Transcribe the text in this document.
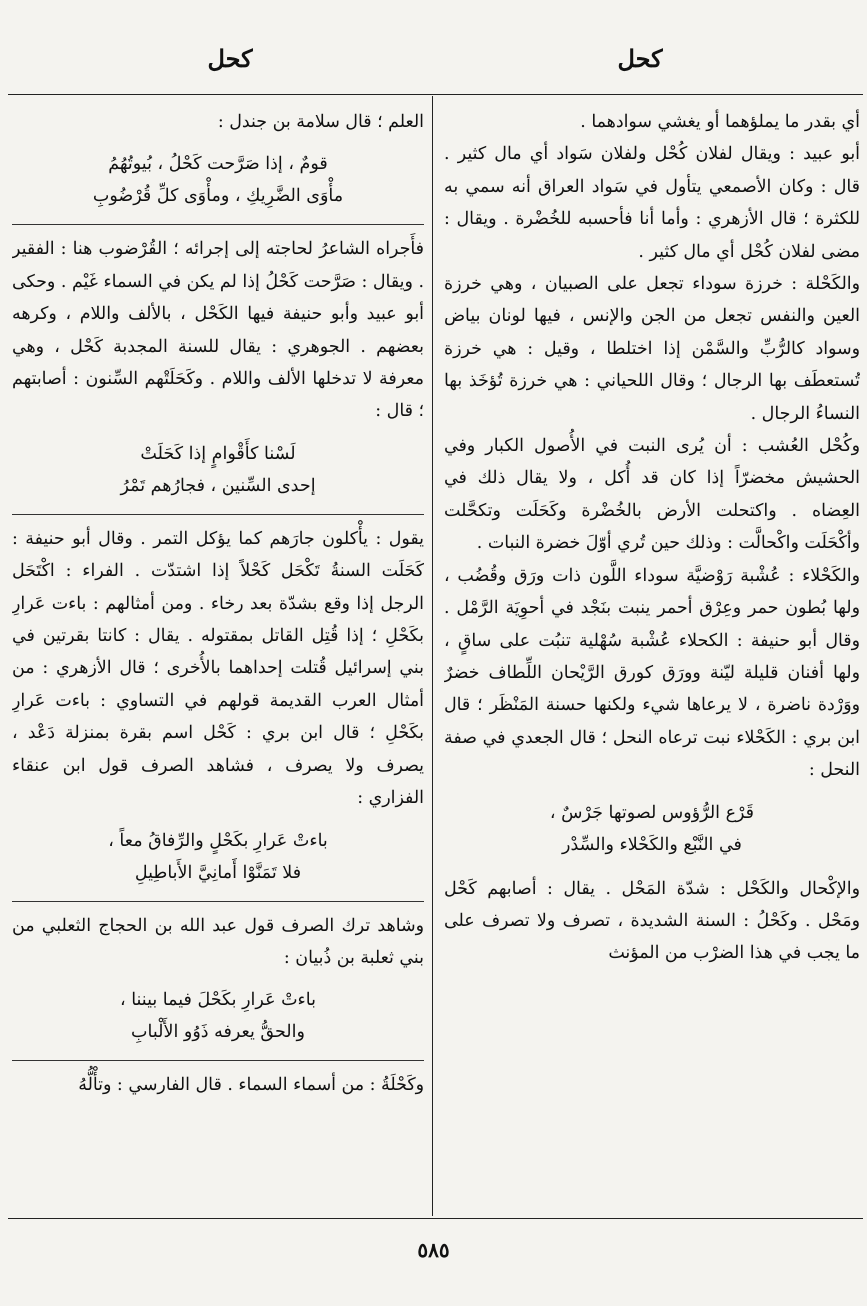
كحل
كحل

أي بقدر ما يملؤهما أو يغشي سوادهما .

أبو عبيد : ويقال لفلان كُحْل ولفلان سَواد أي مال كثير . قال : وكان الأصمعي يتأول في سَواد العراق أنه سمي به للكثرة ؛ قال الأزهري : وأما أنا فأحسبه للخُضْرة . ويقال : مضى لفلان كُحْل أي مال كثير .

والكَحْلة : خرزة سوداء تجعل على الصبيان ، وهي خرزة العين والنفس تجعل من الجن والإنس ، فيها لونان بياض وسواد كالرُّبِّ والسَّمْن إذا اختلطا ، وقيل : هي خرزة تُستعطَف بها الرجال ؛ وقال اللحياني : هي خرزة تُؤخَذ بها النساءُ الرجال .

وكُحْل العُشب : أن يُرى النبت في الأُصول الكبار وفي الحشيش مخضرّاً إذا كان قد أُكل ، ولا يقال ذلك في العِضاه . واكتحلت الأرض بالخُضْرة وكَحَلَت وتكحَّلت وأكْحَلَت واكْحالَّت : وذلك حين تُري أوّلَ خضرة النبات .

والكَحْلاء : عُشْبة رَوْضيَّة سوداء اللَّون ذات ورَق وقُضُب ، ولها بُطون حمر وعِرْق أحمر ينبت بنَجْد في أحوِيَة الرَّمْل . وقال أبو حنيفة : الكحلاء عُشْبة سُهْلية تنبُت على ساقٍ ، ولها أفنان قليلة ليّنة وورَق كورق الرَّيْحان اللِّطاف خضرٌ ووَرْدة ناضرة ، لا يرعاها شيء ولكنها حسنة المَنْظَر ؛ قال ابن بري : الكَحْلاء نبت ترعاه النحل ؛ قال الجعدي في صفة النحل :

قَرْع الرُّؤوس لصوتها جَرْسٌ ،
في النَّبْع والكَحْلاء والسِّدْر

والإكْحال والكَحْل : شدّة المَحْل . يقال : أصابهم كَحْل ومَحْل . وكَحْلُ : السنة الشديدة ، تصرف ولا تصرف على ما يجب في هذا الضرْب من المؤنث

العلم ؛ قال سلامة بن جندل :

قومٌ ، إذا صَرَّحت كَحْلُ ، بُيوتُهُمُ
مأْوَى الضَّرِيكِ ، ومأْوَى كلِّ قُرْضُوبِ

فأَجراه الشاعرُ لحاجته إلى إجرائه ؛ القُرْضوب هنا : الفقير . ويقال : صَرَّحت كَحْلُ إذا لم يكن في السماء غَيْم . وحكى أبو عبيد وأبو حنيفة فيها الكَحْل ، بالألف واللام ، وكرهه بعضهم . الجوهري : يقال للسنة المجدبة كَحْل ، وهي معرفة لا تدخلها الألف واللام . وكَحَلَتْهم السِّنون : أصابتهم ؛ قال :

لَسْنا كأَقْوامٍ إذا كَحَلَتْ
إحدى السِّنين ، فجارُهم تَمْرُ

يقول : يأْكلون جارَهم كما يؤكل التمر . وقال أبو حنيفة : كَحَلَت السنةُ تَكْحَل كَحْلاً إذا اشتدّت . الفراء : اكْتَحَل الرجل إذا وقع بشدّة بعد رخاء . ومن أمثالهم : باءت عَرارِ بكَحْلِ ؛ إذا قُتِل القاتل بمقتوله . يقال : كانتا بقرتين في بني إسرائيل قُتلت إحداهما بالأُخرى ؛ قال الأزهري : من أمثال العرب القديمة قولهم في التساوي : باءت عَرارِ بكَحْلِ ؛ قال ابن بري : كَحْل اسم بقرة بمنزلة دَعْد ، يصرف ولا يصرف ، فشاهد الصرف قول ابن عنقاء الفزاري :

باءتْ عَرارِ بكَحْلٍ والرِّفاقُ معاً ،
فلا تَمَنَّوْا أَمانِيَّ الأَباطِيلِ

وشاهد ترك الصرف قول عبد الله بن الحجاج الثعلبي من بني ثعلبة بن ذُبيان :

باءتْ عَرارِ بكَحْلَ فيما بيننا ،
والحقُّ يعرفه ذَوُو الأَلْبابِ

وكَحْلَةُ : من أسماء السماء . قال الفارسي : وتأْلُّهُ

٥٨٥
